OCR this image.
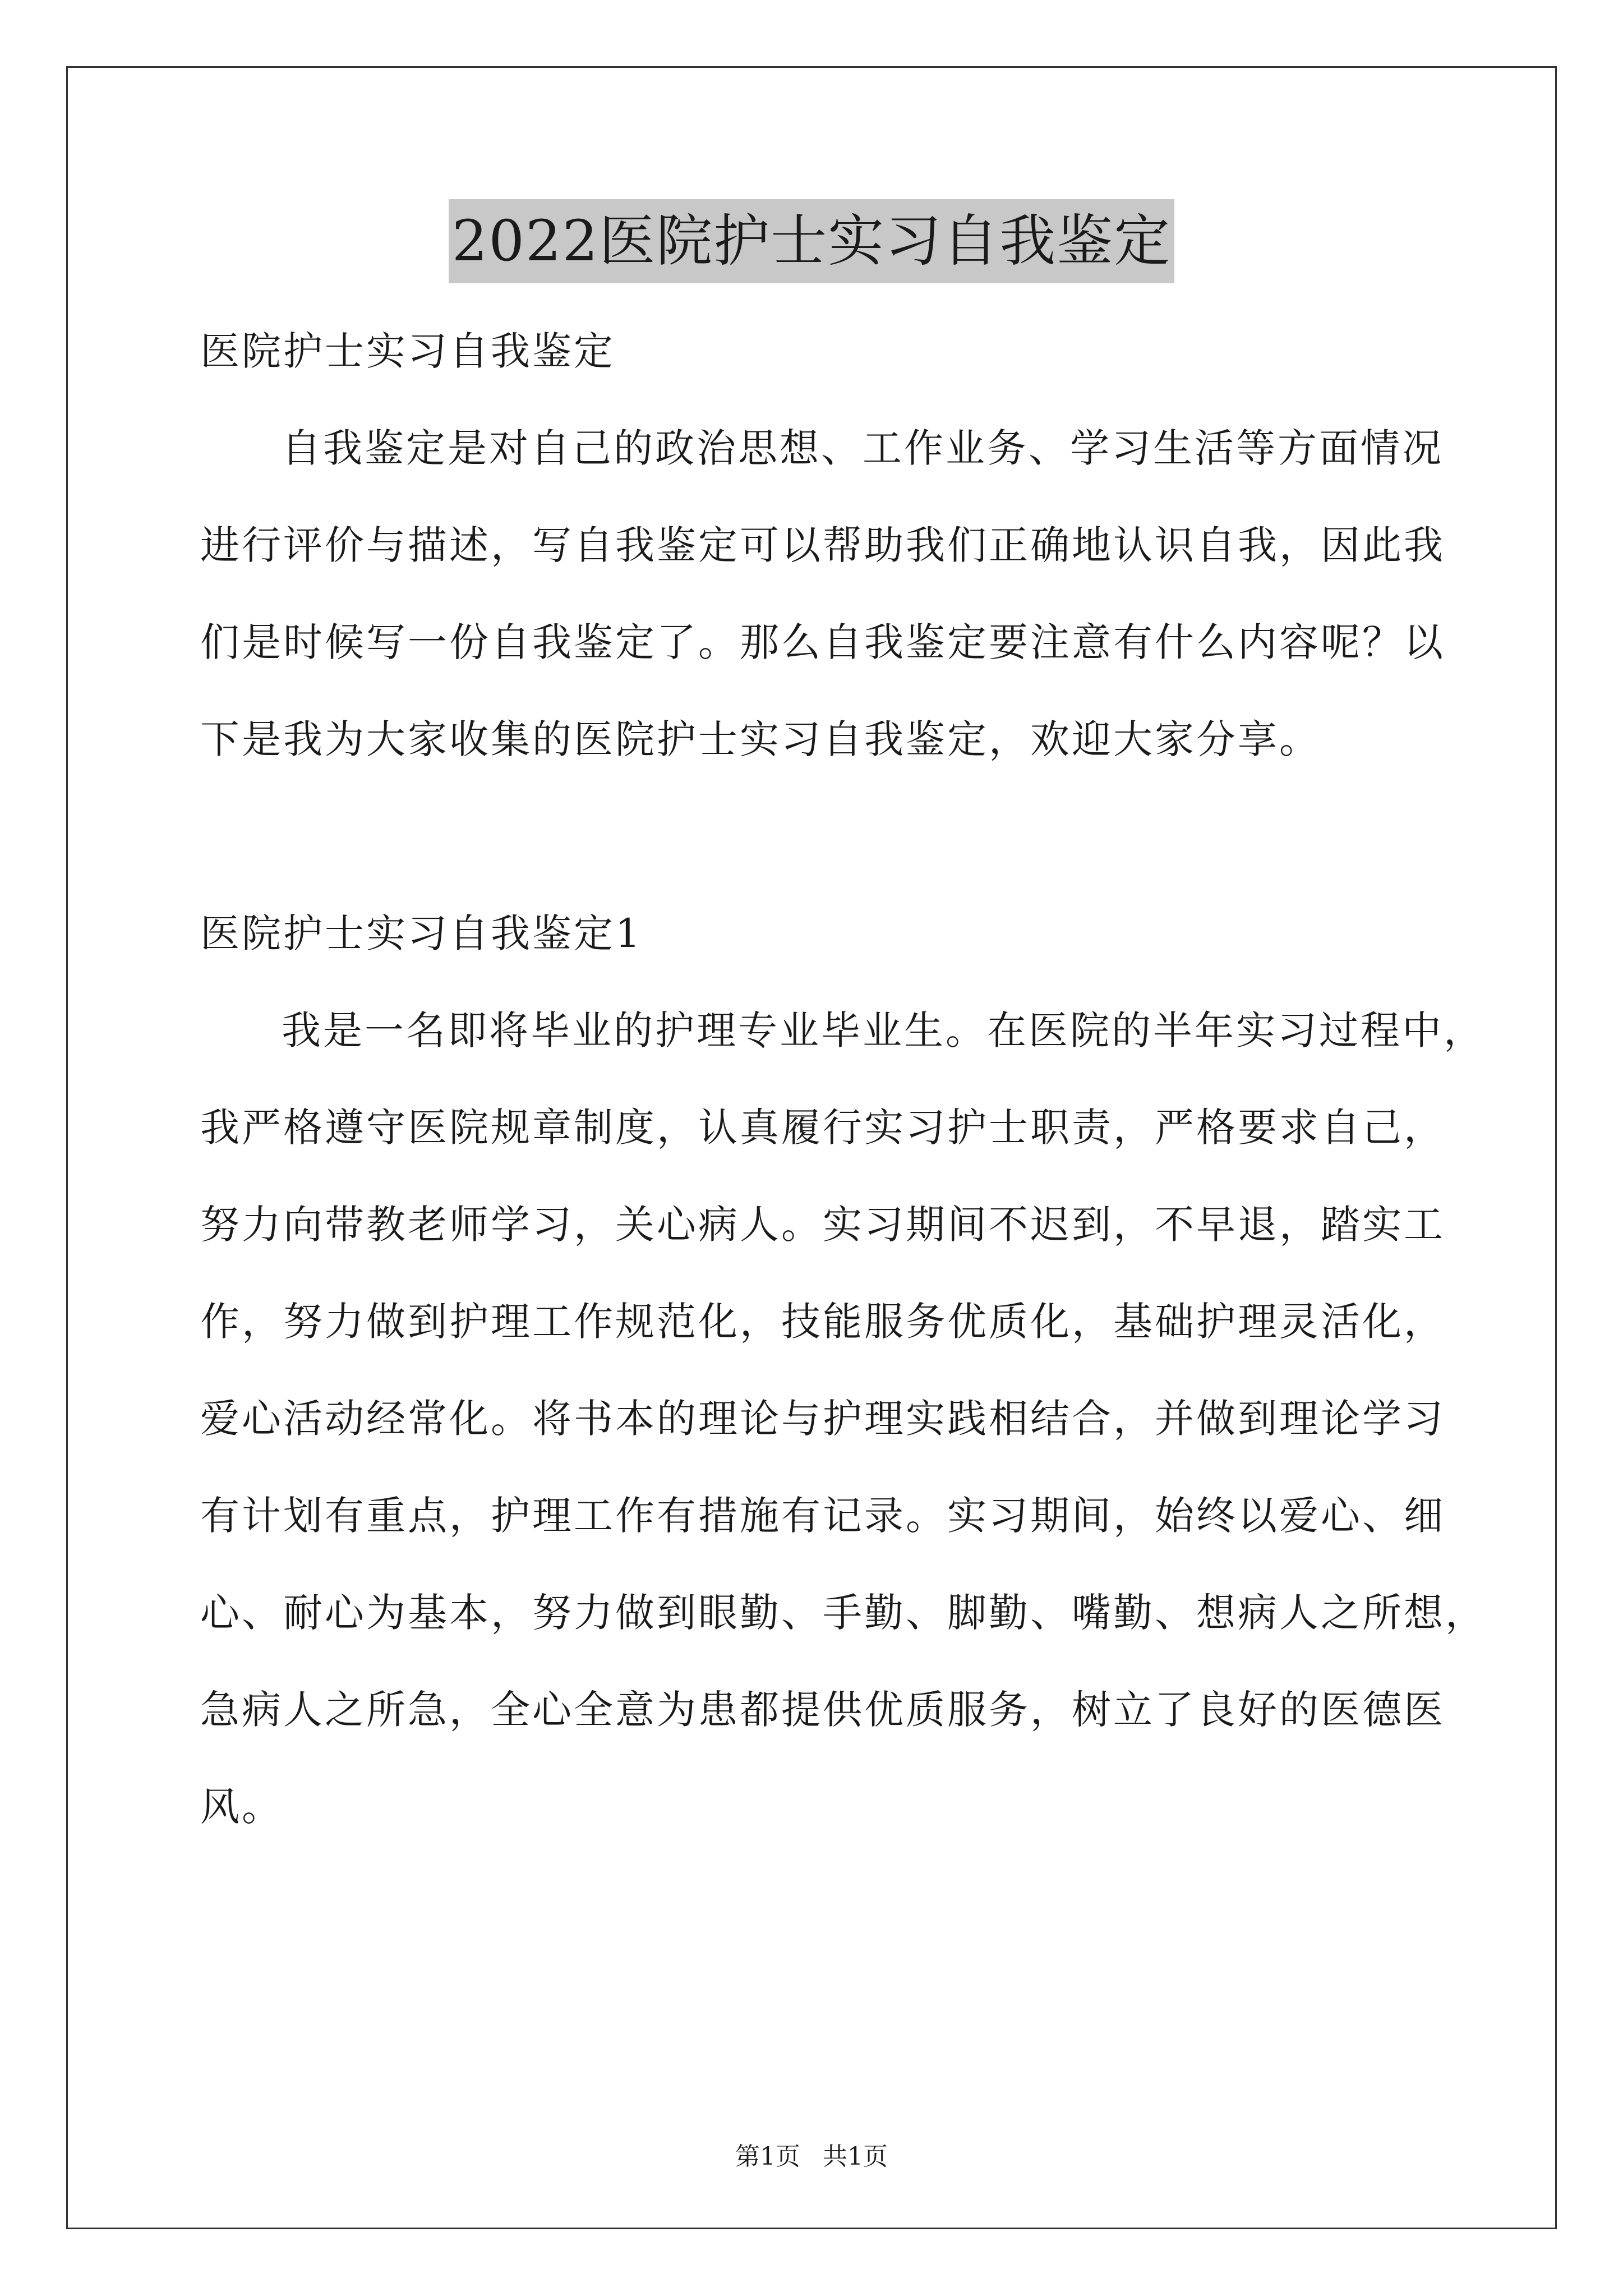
2022医院护士实习自我鉴定
医院护士实习自我鉴定
自我鉴定是对自己的政治思想、工作业务、学习生活等方面情况
进行评价与描述，写自我鉴定可以帮助我们正确地认识自我，因此我
们是时候写一份自我鉴定了。那么自我鉴定要注意有什么内容呢？以
下是我为大家收集的医院护士实习自我鉴定，欢迎大家分享。
医院护士实习自我鉴定1
我是一名即将毕业的护理专业毕业生。在医院的半年实习过程中，
我严格遵守医院规章制度，认真履行实习护士职责，严格要求自己，
努力向带教老师学习，关心病人。实习期间不迟到，不早退，踏实工
作，努力做到护理工作规范化，技能服务优质化，基础护理灵活化，
爱心活动经常化。将书本的理论与护理实践相结合，并做到理论学习
有计划有重点，护理工作有措施有记录。实习期间，始终以爱心、细
心、耐心为基本，努力做到眼勤、手勤、脚勤、嘴勤、想病人之所想，
急病人之所急，全心全意为患都提供优质服务，树立了良好的医德医
风。
第1页 共1页
